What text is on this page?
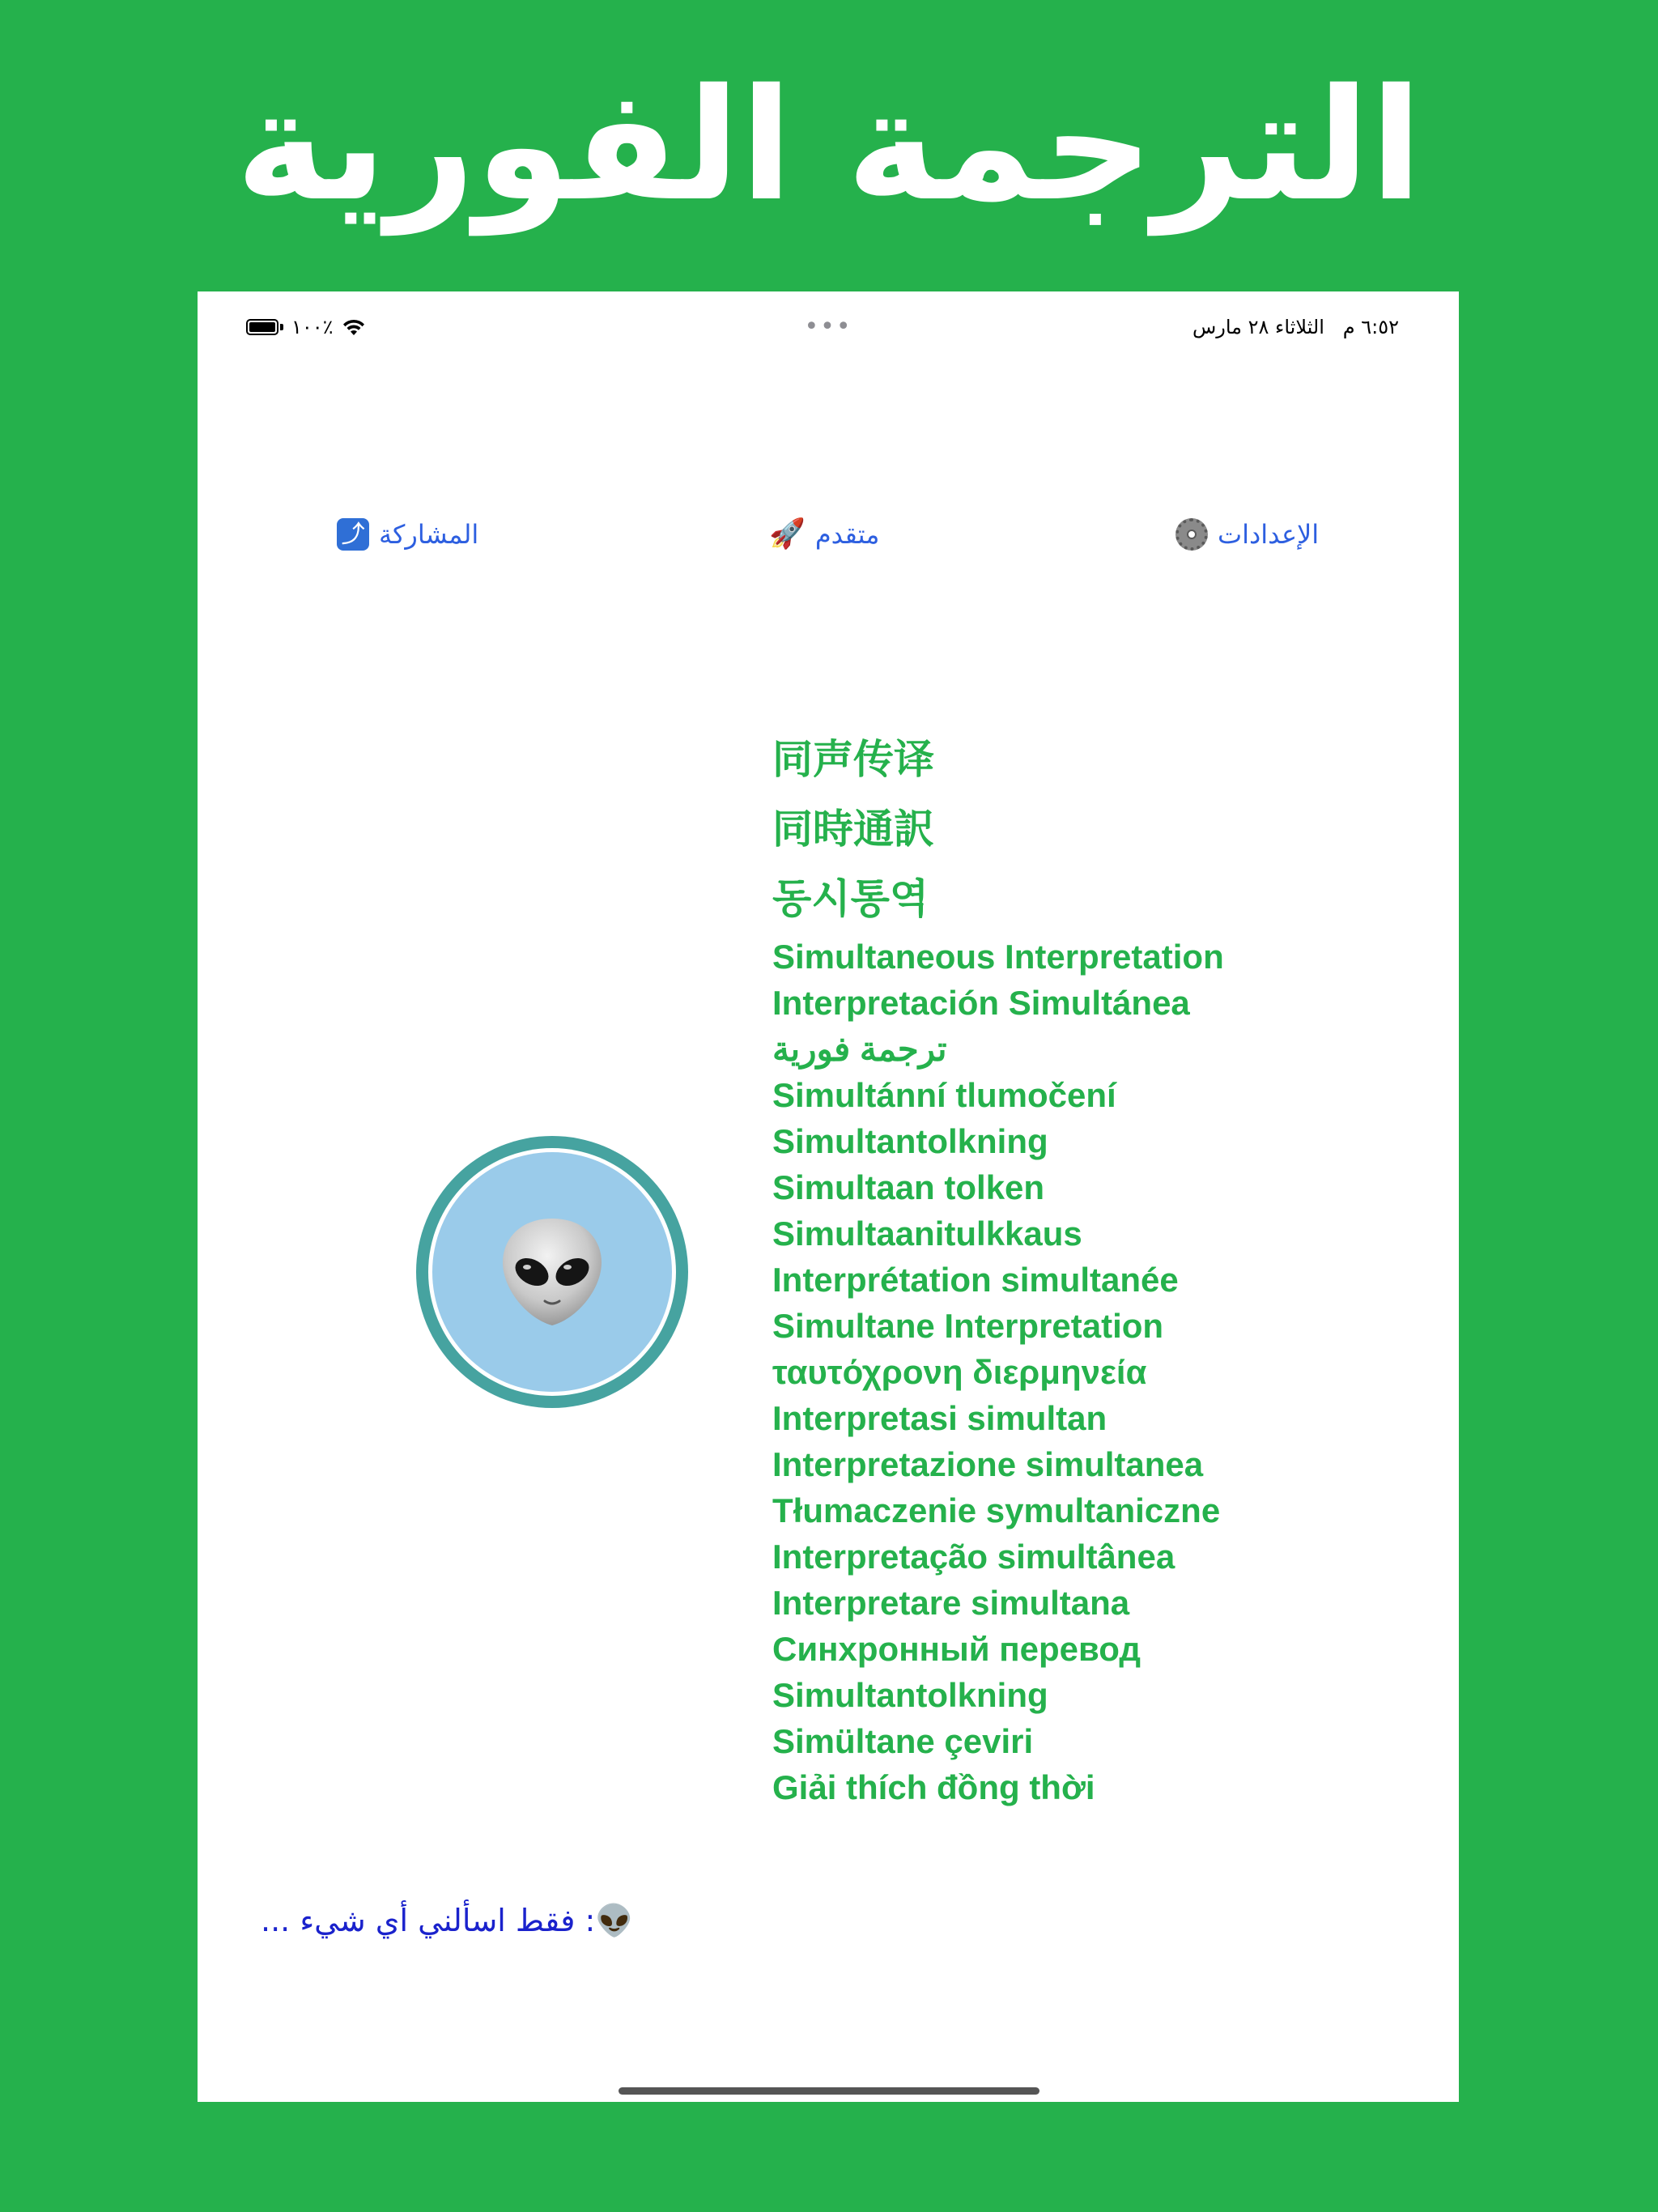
الترجمة الفورية
١٠٠٪	•••	٦:٥٢ م   الثلاثاء ٢٨ مارس
⤴ المشاركة	🚀 متقدم	الإعدادات
同声传译
同時通訳
동시통역
Simultaneous Interpretation
Interpretación Simultánea
ترجمة فورية
Simultánní tlumočení
Simultantolkning
Simultaan tolken
Simultaanitulkkaus
Interprétation simultanée
Simultane Interpretation
ταυτόχρονη διερμηνεία
Interpretasi simultan
Interpretazione simultanea
Tłumaczenie symultaniczne
Interpretação simultânea
Interpretare simultana
Синхронный перевод
Simultantolkning
Simültane çeviri
Giải thích đồng thời
👽: فقط اسألني أي شيء ...
